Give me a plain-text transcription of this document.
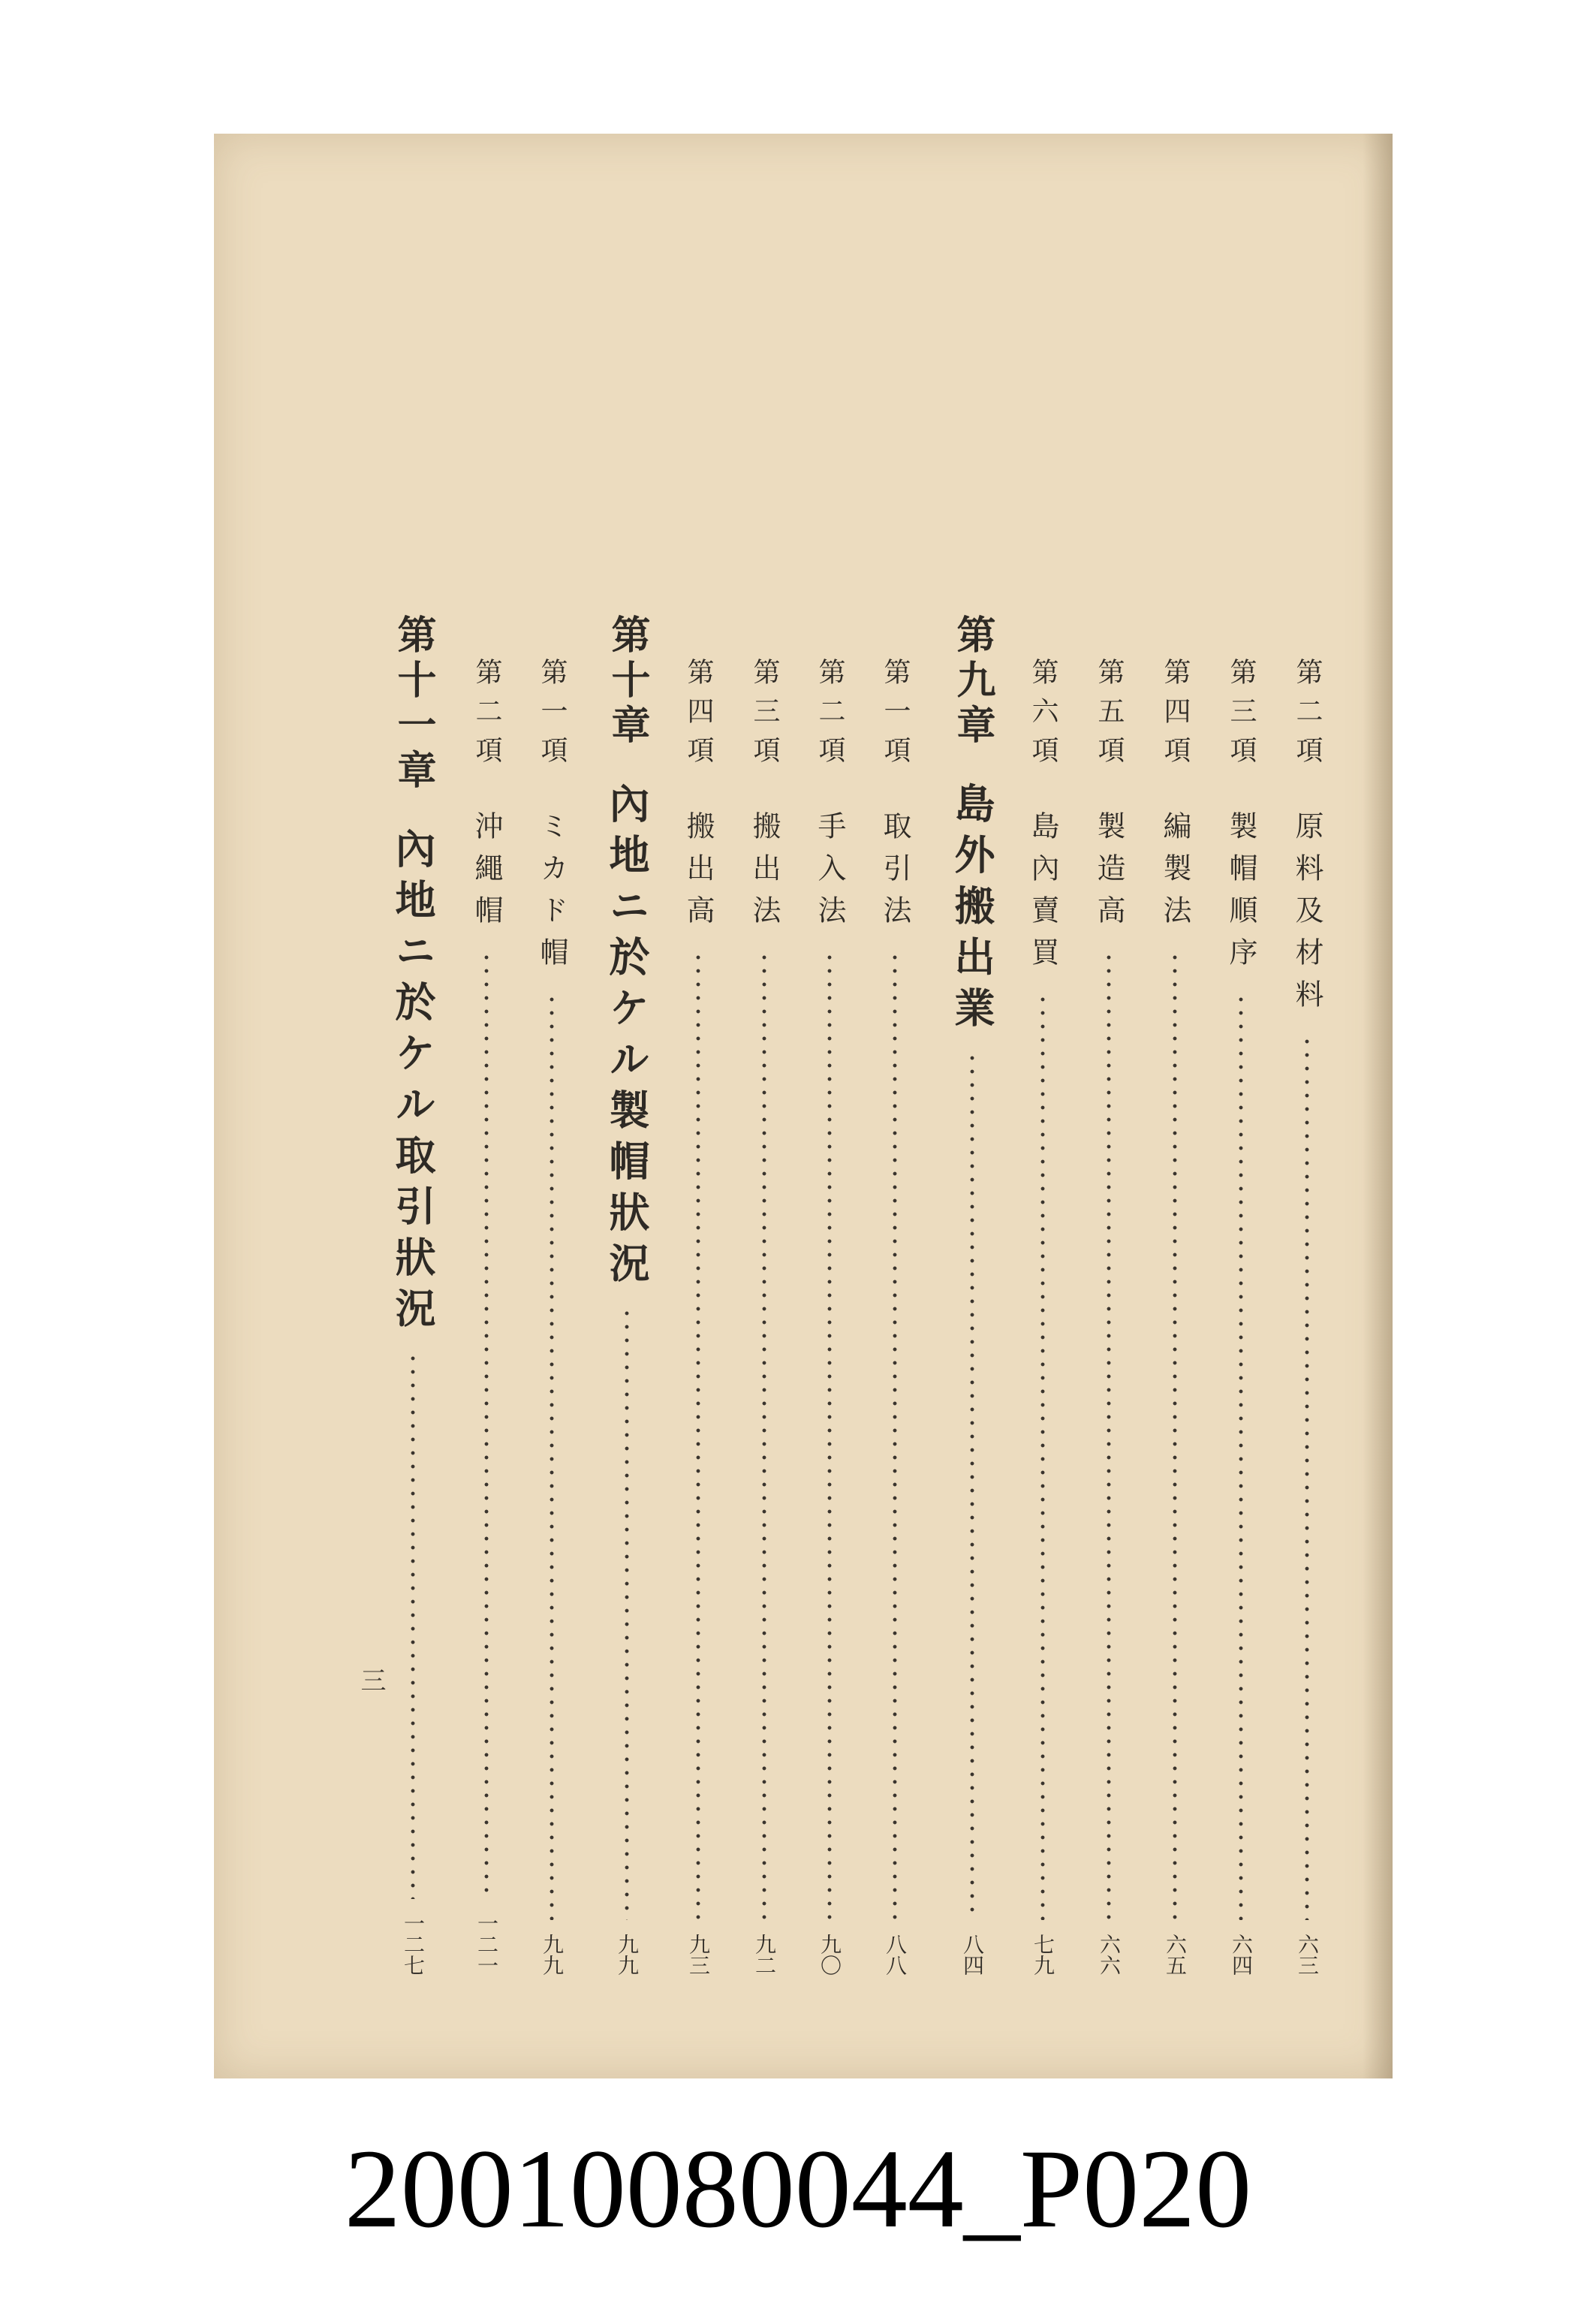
第二項
原料及材料
六三
第三項
製帽順序
六四
第四項
編製法
六五
第五項
製造高
六六
第六項
島內賣買
七九
第九章
島外搬出業
八四
第一項
取引法
八八
第二項
手入法
九〇
第三項
搬出法
九二
第四項
搬出高
九三
第十章
內地ニ於ケル製帽狀況
九九
第一項
ミカド帽
九九
第二項
沖繩帽
一二一
第十一章
內地ニ於ケル取引狀況
一二七
三
20010080044_P020
